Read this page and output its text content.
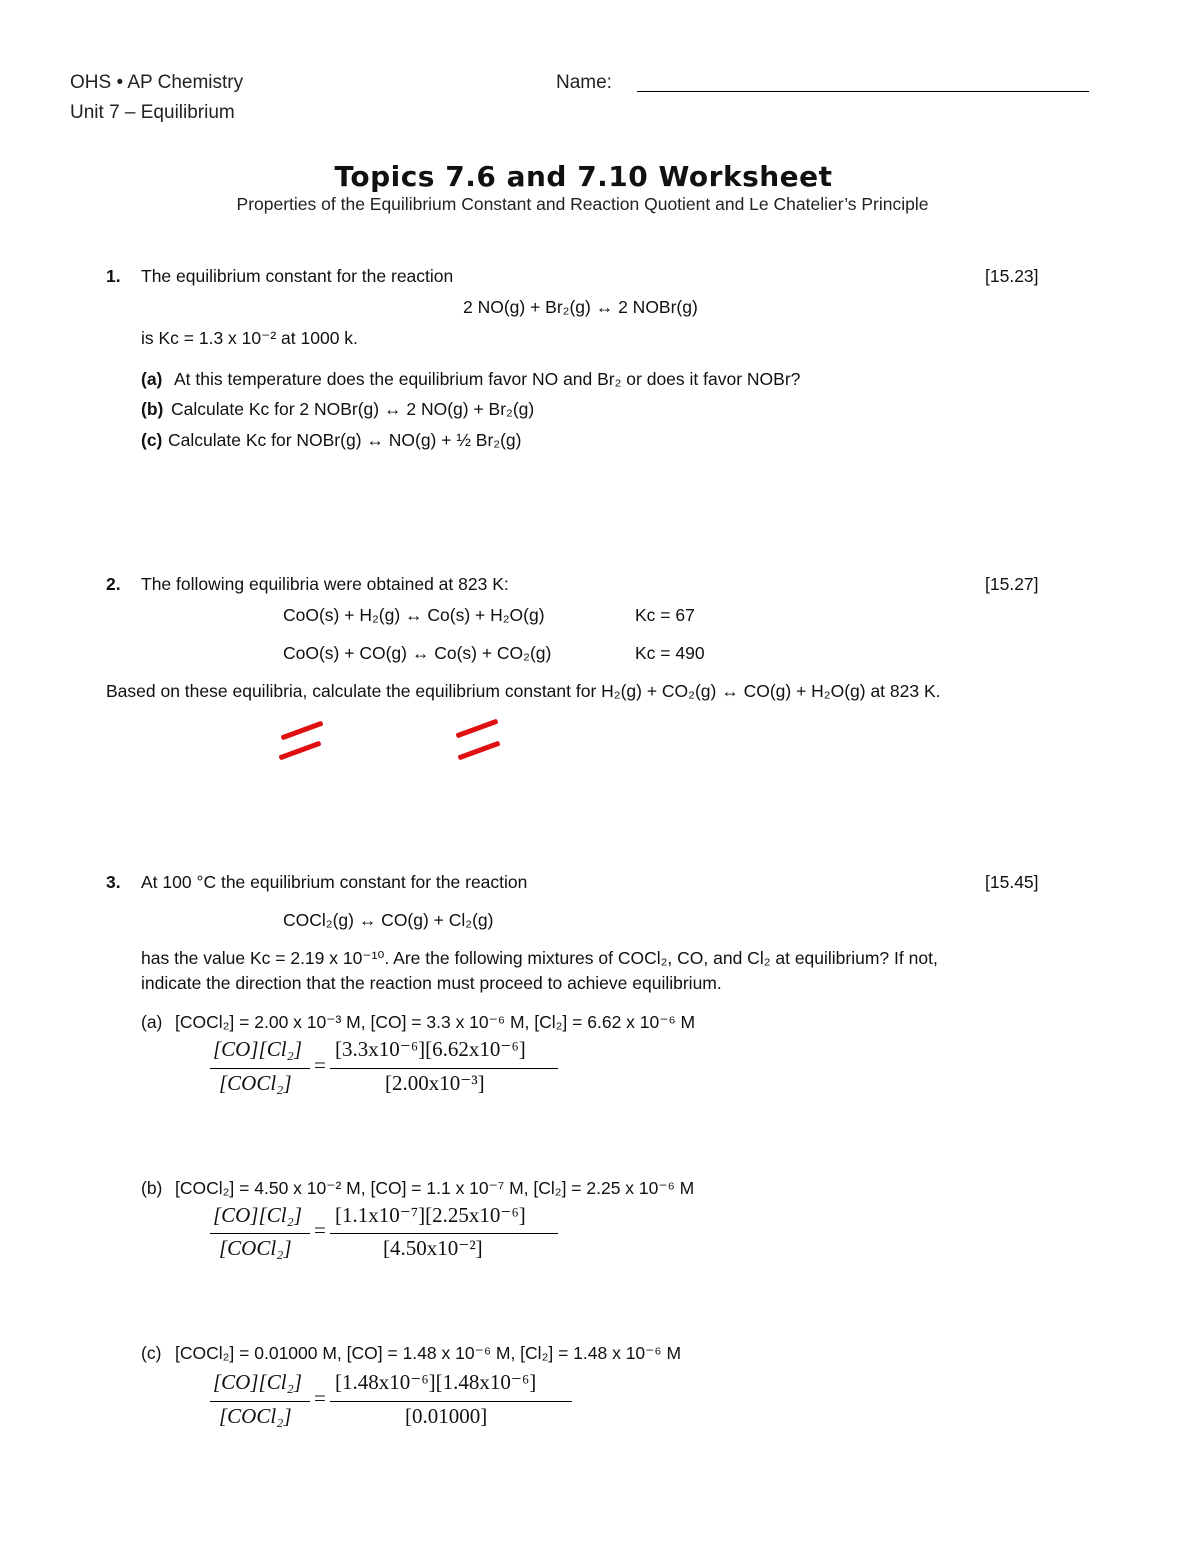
OHS • AP Chemistry
Unit 7 – Equilibrium
Name:
Topics 7.6 and 7.10 Worksheet
Properties of the Equilibrium Constant and Reaction Quotient and Le Chatelier’s Principle
1. The equilibrium constant for the reaction	[15.23]
2 NO(g) + Br₂(g) ↔ 2 NOBr(g)
is Kc = 1.3 x 10⁻² at 1000 k.
(a) At this temperature does the equilibrium favor NO and Br₂ or does it favor NOBr?
(b) Calculate Kc for 2 NOBr(g) ↔ 2 NO(g) + Br₂(g)
(c) Calculate Kc for NOBr(g) ↔ NO(g) + ½ Br₂(g)
2. The following equilibria were obtained at 823 K:	[15.27]
CoO(s) + H₂(g) ↔ Co(s) + H₂O(g)	Kc = 67
CoO(s) + CO(g) ↔ Co(s) + CO₂(g)	Kc = 490
Based on these equilibria, calculate the equilibrium constant for H₂(g) + CO₂(g) ↔ CO(g) + H₂O(g) at 823 K.
3. At 100 °C the equilibrium constant for the reaction	[15.45]
COCl₂(g) ↔ CO(g) + Cl₂(g)
has the value Kc = 2.19 x 10⁻¹⁰. Are the following mixtures of COCl₂, CO, and Cl₂ at equilibrium? If not,
indicate the direction that the reaction must proceed to achieve equilibrium.
(a) [COCl₂] = 2.00 x 10⁻³ M, [CO] = 3.3 x 10⁻⁶ M, [Cl₂] = 6.62 x 10⁻⁶ M
[CO][Cl₂]
[COCl₂]
=
[3.3x10⁻⁶][6.62x10⁻⁶]
[2.00x10⁻³]
(b) [COCl₂] = 4.50 x 10⁻² M, [CO] = 1.1 x 10⁻⁷ M, [Cl₂] = 2.25 x 10⁻⁶ M
[CO][Cl₂]
[COCl₂]
=
[1.1x10⁻⁷][2.25x10⁻⁶]
[4.50x10⁻²]
(c) [COCl₂] = 0.01000 M, [CO] = 1.48 x 10⁻⁶ M, [Cl₂] = 1.48 x 10⁻⁶ M
[CO][Cl₂]
[COCl₂]
=
[1.48x10⁻⁶][1.48x10⁻⁶]
[0.01000]
